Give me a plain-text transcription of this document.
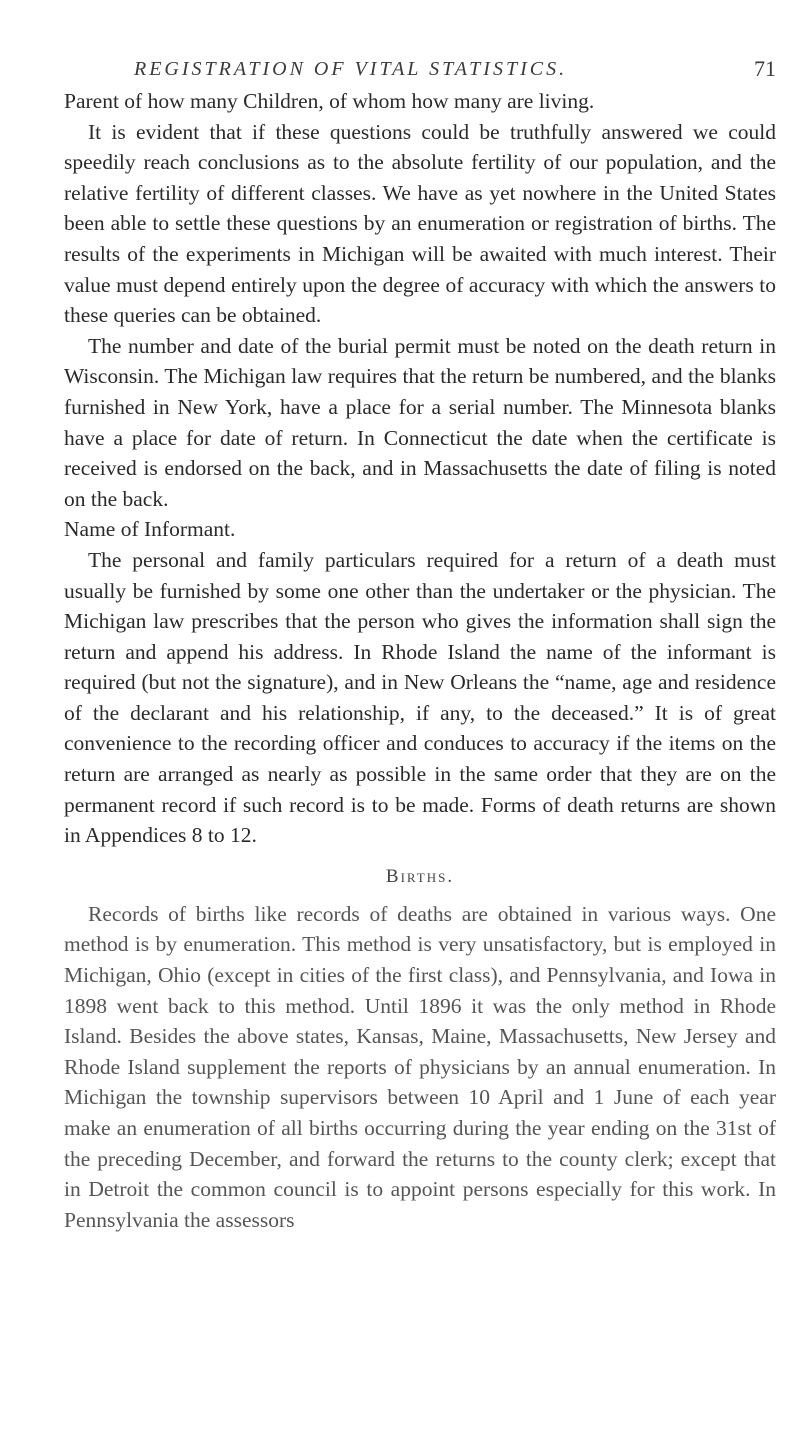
REGISTRATION OF VITAL STATISTICS.	71

Parent of how many Children, of whom how many are living.

It is evident that if these questions could be truthfully answered we could speedily reach conclusions as to the absolute fertility of our population, and the relative fertility of different classes. We have as yet nowhere in the United States been able to settle these questions by an enumeration or registration of births. The results of the experiments in Michigan will be awaited with much interest. Their value must depend entirely upon the degree of accuracy with which the answers to these queries can be obtained.

The number and date of the burial permit must be noted on the death return in Wisconsin. The Michigan law requires that the return be numbered, and the blanks furnished in New York, have a place for a serial number. The Minnesota blanks have a place for date of return. In Connecticut the date when the certificate is received is endorsed on the back, and in Massachusetts the date of filing is noted on the back.

Name of Informant.

The personal and family particulars required for a return of a death must usually be furnished by some one other than the undertaker or the physician. The Michigan law prescribes that the person who gives the information shall sign the return and append his address. In Rhode Island the name of the informant is required (but not the signature), and in New Orleans the “name, age and residence of the declarant and his relationship, if any, to the deceased.” It is of great convenience to the recording officer and conduces to accuracy if the items on the return are arranged as nearly as possible in the same order that they are on the permanent record if such record is to be made. Forms of death returns are shown in Appendices 8 to 12.

Births.

Records of births like records of deaths are obtained in various ways. One method is by enumeration. This method is very unsatisfactory, but is employed in Michigan, Ohio (except in cities of the first class), and Pennsylvania, and Iowa in 1898 went back to this method. Until 1896 it was the only method in Rhode Island. Besides the above states, Kansas, Maine, Massachusetts, New Jersey and Rhode Island supplement the reports of physicians by an annual enumeration. In Michigan the township supervisors between 10 April and 1 June of each year make an enumeration of all births occurring during the year ending on the 31st of the preceding December, and forward the returns to the county clerk; except that in Detroit the common council is to appoint persons especially for this work. In Pennsylvania the assessors
